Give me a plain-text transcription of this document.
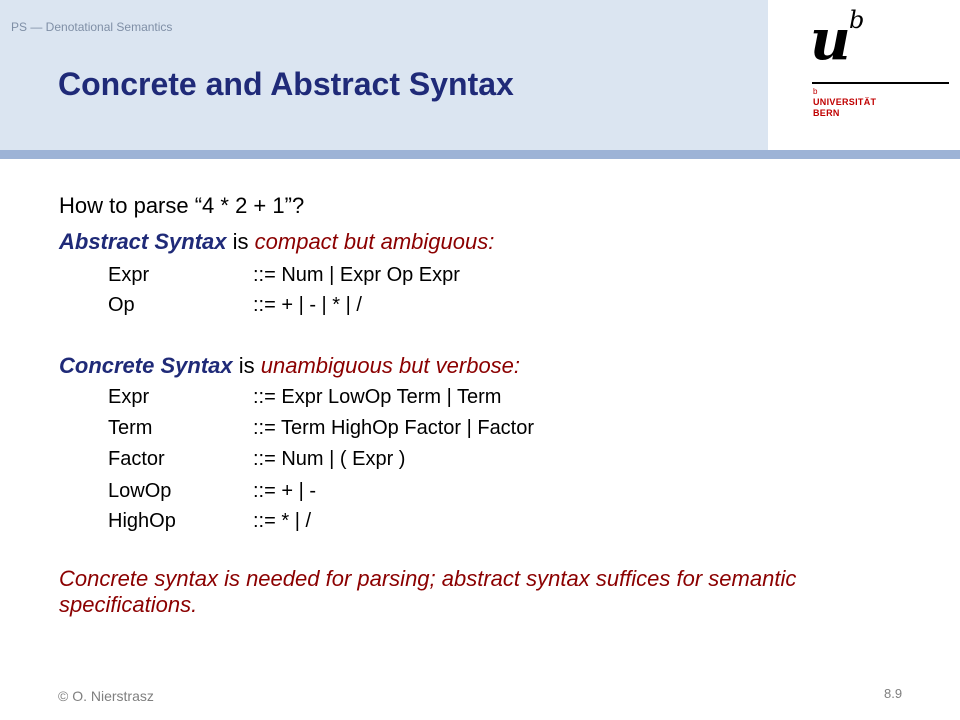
PS — Denotational Semantics
Concrete and Abstract Syntax
u
b
b
UNIVERSITÄT
BERN
How to parse “4 * 2 + 1”?
Abstract Syntax is compact but ambiguous:
Expr	::= Num | Expr Op Expr
Op	::= + | - | * | /
Concrete Syntax is unambiguous but verbose:
Expr	::= Expr LowOp Term | Term
Term	::= Term HighOp Factor | Factor
Factor	::= Num | ( Expr )
LowOp	::= + | -
HighOp	::= * | /
Concrete syntax is needed for parsing; abstract syntax suffices for semantic specifications.
© O. Nierstrasz	8.9
